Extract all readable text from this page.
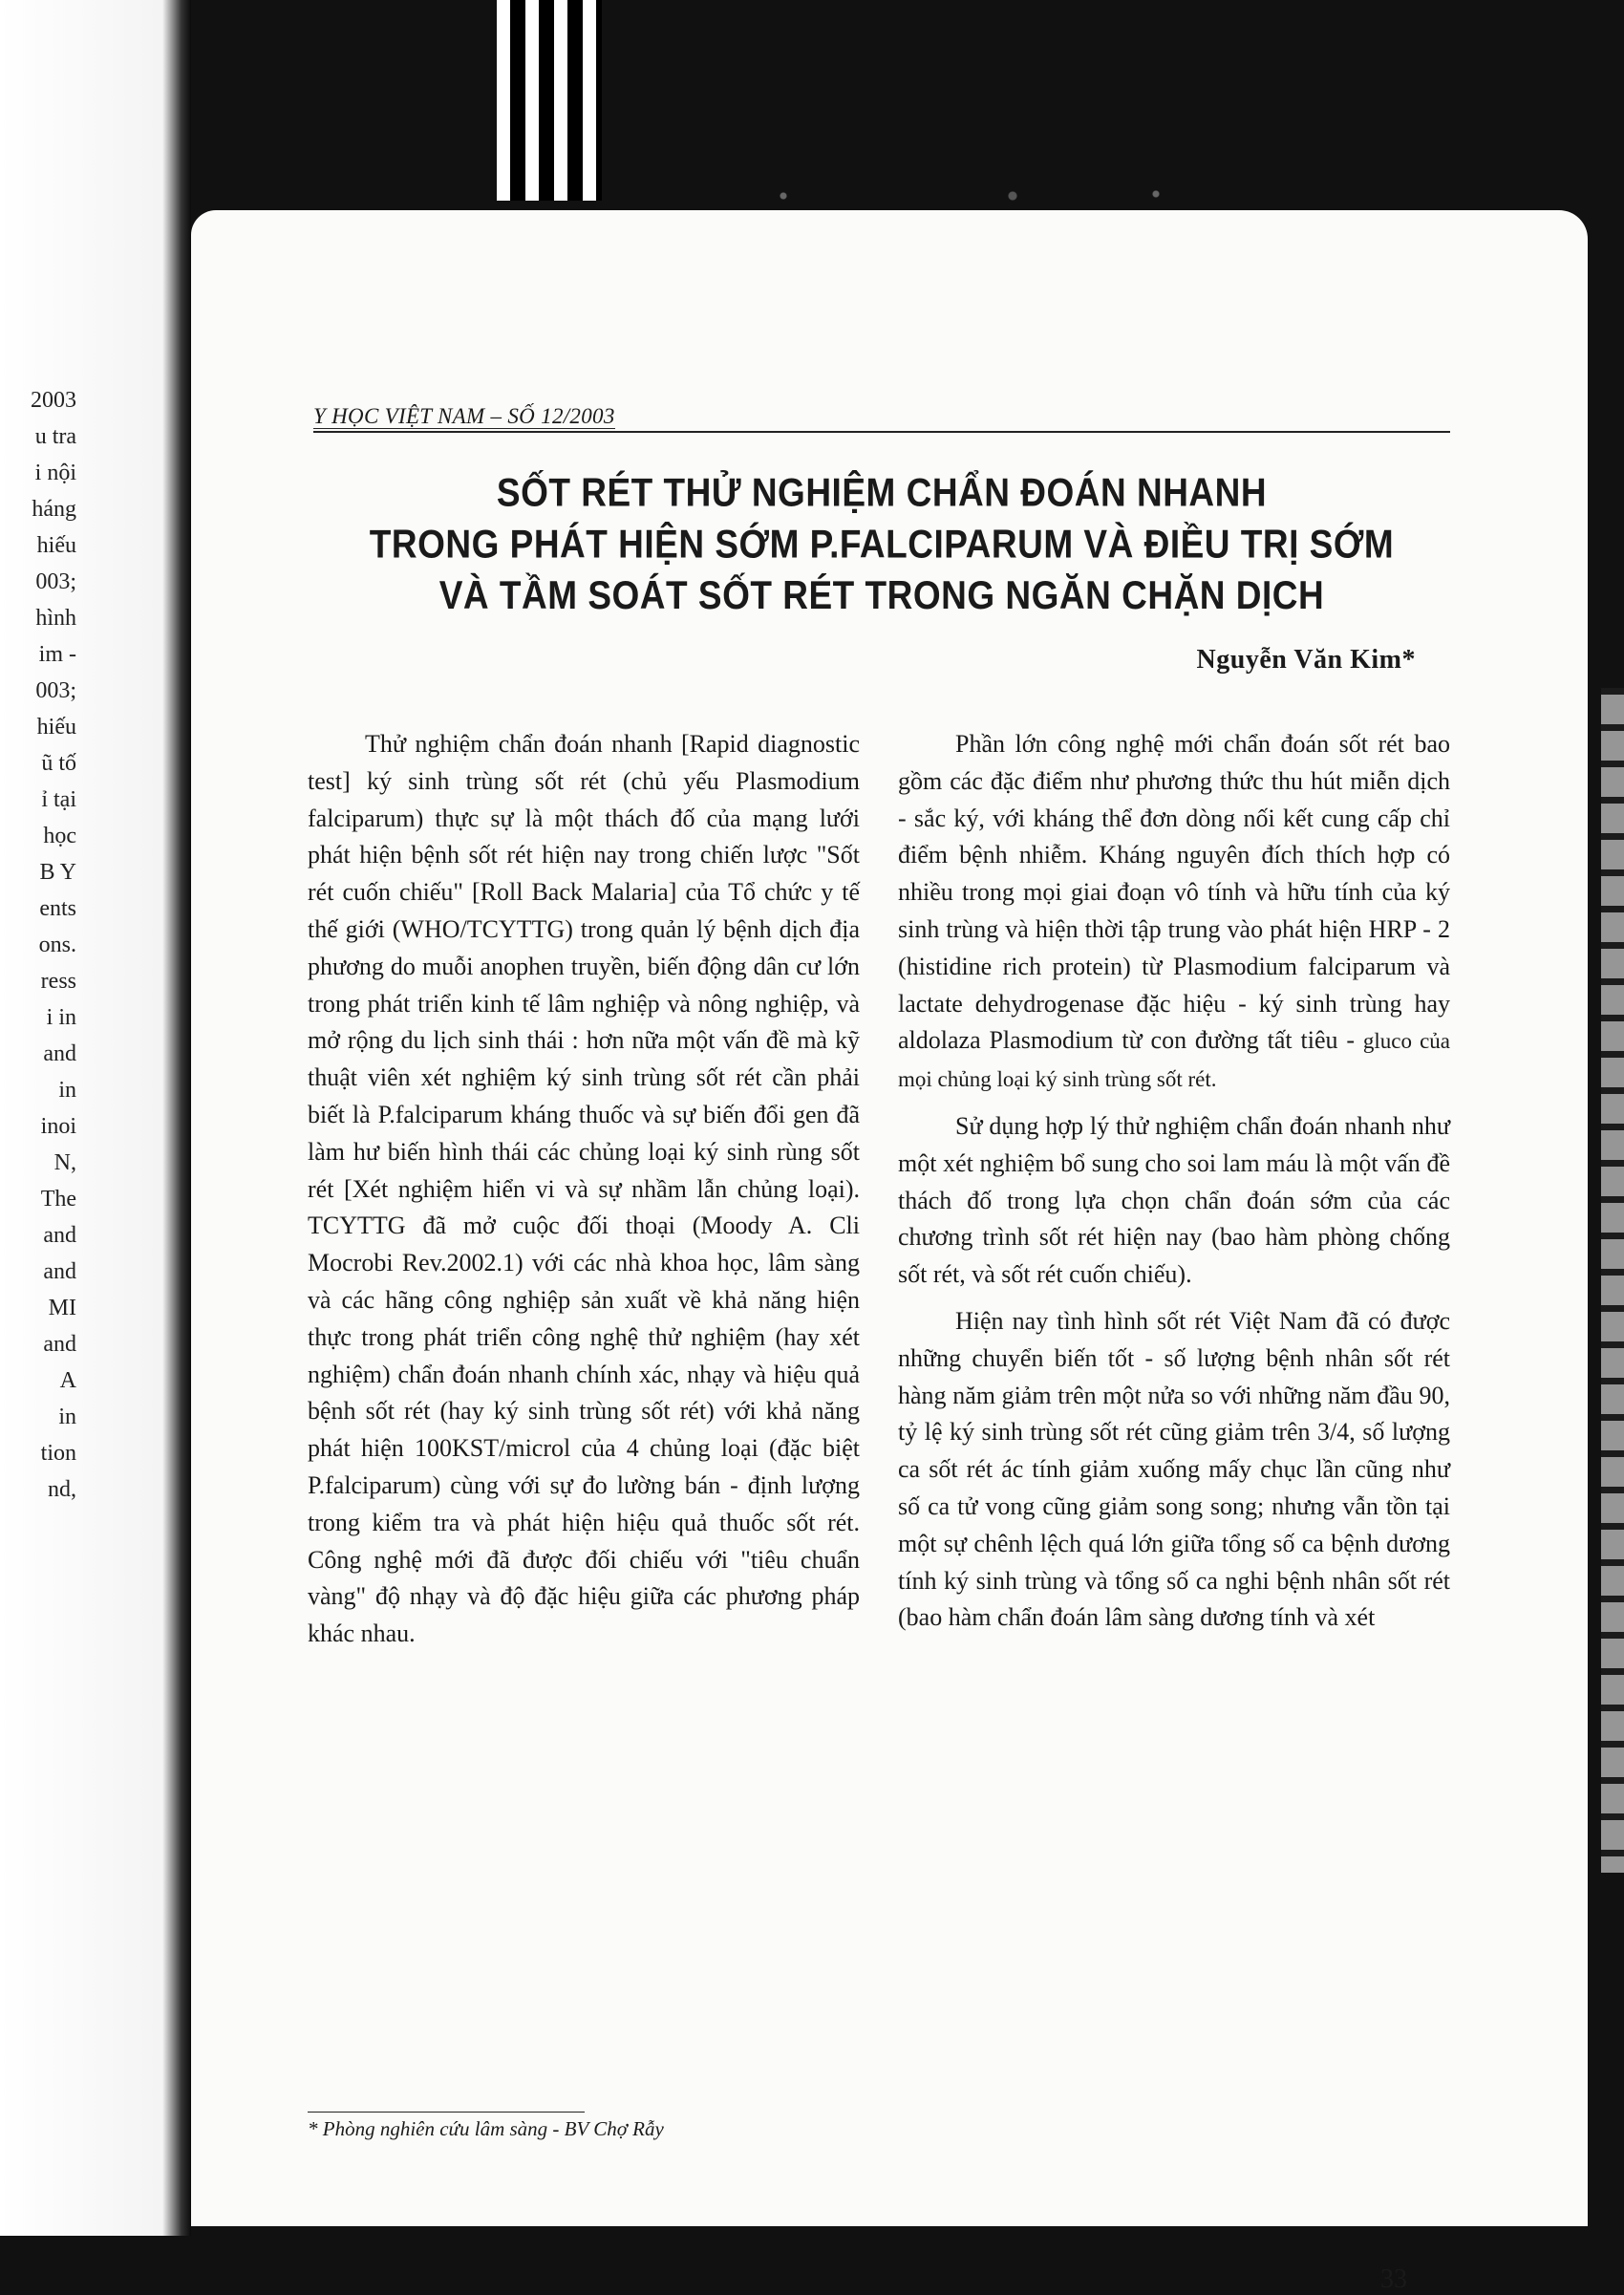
2003
u tra
i nội
háng
hiếu
003;
hình
im -
003;
hiếu
ũ tố
ỉ tại
học
B Y
ents
ons.
ress
i in
and
in
inoi
N,
The
and
and
MI
and
A
in
tion
nd,
Y HỌC VIỆT NAM – SỐ 12/2003
SỐT RÉT THỬ NGHIỆM CHẨN ĐOÁN NHANH
TRONG PHÁT HIỆN SỚM P.FALCIPARUM VÀ ĐIỀU TRỊ SỚM
VÀ TẦM SOÁT SỐT RÉT TRONG NGĂN CHẶN DỊCH
Nguyễn Văn Kim*

Thử nghiệm chẩn đoán nhanh [Rapid diagnostic test] ký sinh trùng sốt rét (chủ yếu Plasmodium falciparum) thực sự là một thách đố của mạng lưới phát hiện bệnh sốt rét hiện nay trong chiến lược "Sốt rét cuốn chiếu" [Roll Back Malaria] của Tổ chức y tế thế giới (WHO/TCYTTG) trong quản lý bệnh dịch địa phương do muỗi anophen truyền, biến động dân cư lớn trong phát triển kinh tế lâm nghiệp và nông nghiệp, và mở rộng du lịch sinh thái : hơn nữa một vấn đề mà kỹ thuật viên xét nghiệm ký sinh trùng sốt rét cần phải biết là P.falciparum kháng thuốc và sự biến đổi gen đã làm hư biến hình thái các chủng loại ký sinh rùng sốt rét [Xét nghiệm hiển vi và sự nhầm lẫn chủng loại). TCYTTG đã mở cuộc đối thoại (Moody A. Cli Mocrobi Rev.2002.1) với các nhà khoa học, lâm sàng và các hãng công nghiệp sản xuất về khả năng hiện thực trong phát triển công nghệ thử nghiệm (hay xét nghiệm) chẩn đoán nhanh chính xác, nhạy và hiệu quả bệnh sốt rét (hay ký sinh trùng sốt rét) với khả năng phát hiện 100KST/microl của 4 chủng loại (đặc biệt P.falciparum) cùng với sự đo lường bán - định lượng trong kiểm tra và phát hiện hiệu quả thuốc sốt rét. Công nghệ mới đã được đối chiếu với "tiêu chuẩn vàng" độ nhạy và độ đặc hiệu giữa các phương pháp khác nhau.

Phần lớn công nghệ mới chẩn đoán sốt rét bao gồm các đặc điểm như phương thức thu hút miễn dịch - sắc ký, với kháng thể đơn dòng nối kết cung cấp chỉ điểm bệnh nhiễm. Kháng nguyên đích thích hợp có nhiều trong mọi giai đoạn vô tính và hữu tính của ký sinh trùng và hiện thời tập trung vào phát hiện HRP - 2 (histidine rich protein) từ Plasmodium falciparum và lactate dehydrogenase đặc hiệu - ký sinh trùng hay aldolaza Plasmodium từ con đường tất tiêu - gluco của mọi chủng loại ký sinh trùng sốt rét.

Sử dụng hợp lý thử nghiệm chẩn đoán nhanh như một xét nghiệm bổ sung cho soi lam máu là một vấn đề thách đố trong lựa chọn chẩn đoán sớm của các chương trình sốt rét hiện nay (bao hàm phòng chống sốt rét, và sốt rét cuốn chiếu).

Hiện nay tình hình sốt rét Việt Nam đã có được những chuyển biến tốt - số lượng bệnh nhân sốt rét hàng năm giảm trên một nửa so với những năm đầu 90, tỷ lệ ký sinh trùng sốt rét cũng giảm trên 3/4, số lượng ca sốt rét ác tính giảm xuống mấy chục lần cũng như số ca tử vong cũng giảm song song; nhưng vẫn tồn tại một sự chênh lệch quá lớn giữa tổng số ca bệnh dương tính ký sinh trùng và tổng số ca nghi bệnh nhân sốt rét (bao hàm chẩn đoán lâm sàng dương tính và xét

* Phòng nghiên cứu lâm sàng - BV Chợ Rẫy
33
